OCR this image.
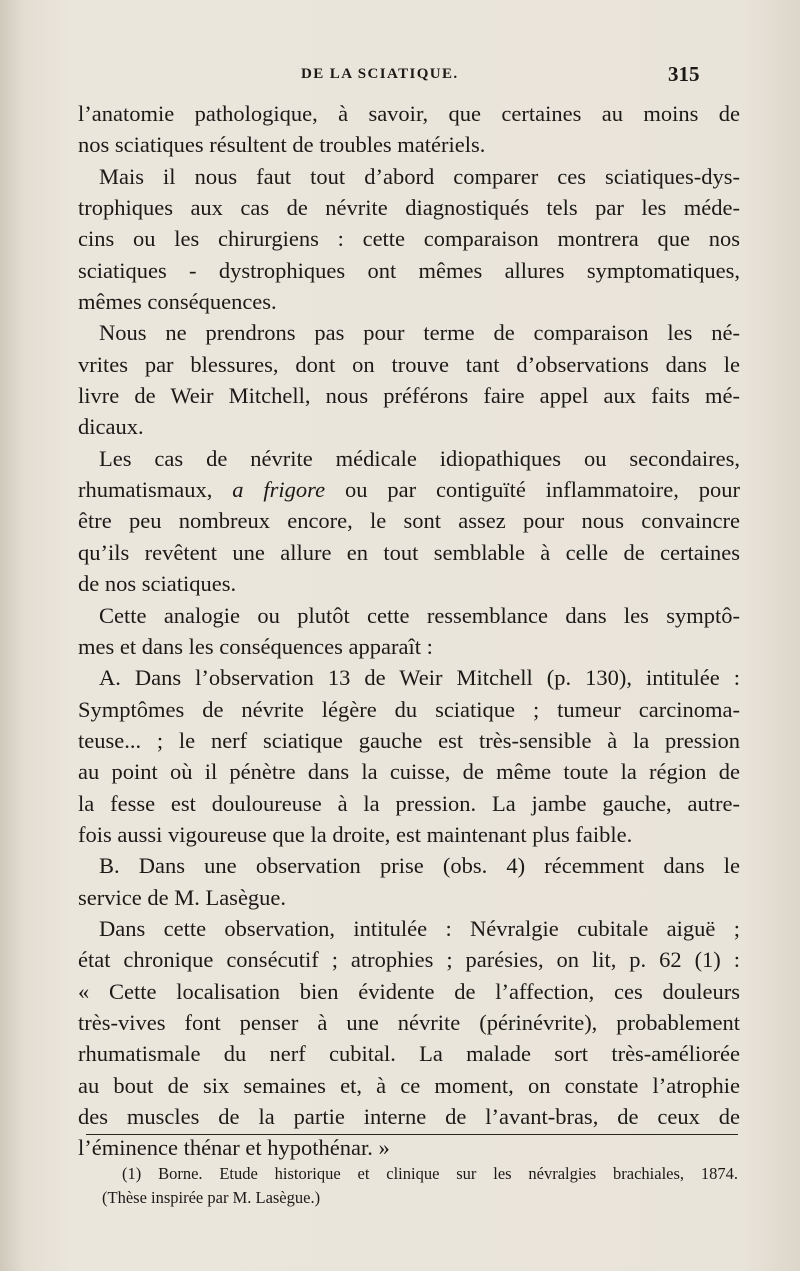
DE LA SCIATIQUE.	315
l’anatomie pathologique, à savoir, que certaines au moins de
nos sciatiques résultent de troubles matériels.
Mais il nous faut tout d’abord comparer ces sciatiques-dys-
trophiques aux cas de névrite diagnostiqués tels par les méde-
cins ou les chirurgiens : cette comparaison montrera que nos
sciatiques - dystrophiques ont mêmes allures symptomatiques,
mêmes conséquences.
Nous ne prendrons pas pour terme de comparaison les né-
vrites par blessures, dont on trouve tant d’observations dans le
livre de Weir Mitchell, nous préférons faire appel aux faits mé-
dicaux.
Les cas de névrite médicale idiopathiques ou secondaires,
rhumatismaux, a frigore ou par contiguïté inflammatoire, pour
être peu nombreux encore, le sont assez pour nous convaincre
qu’ils revêtent une allure en tout semblable à celle de certaines
de nos sciatiques.
Cette analogie ou plutôt cette ressemblance dans les symptô-
mes et dans les conséquences apparaît :
A. Dans l’observation 13 de Weir Mitchell (p. 130), intitulée :
Symptômes de névrite légère du sciatique ; tumeur carcinoma-
teuse... ; le nerf sciatique gauche est très-sensible à la pression
au point où il pénètre dans la cuisse, de même toute la région de
la fesse est douloureuse à la pression. La jambe gauche, autre-
fois aussi vigoureuse que la droite, est maintenant plus faible.
B. Dans une observation prise (obs. 4) récemment dans le
service de M. Lasègue.
Dans cette observation, intitulée : Névralgie cubitale aiguë ;
état chronique consécutif ; atrophies ; parésies, on lit, p. 62 (1) :
« Cette localisation bien évidente de l’affection, ces douleurs
très-vives font penser à une névrite (périnévrite), probablement
rhumatismale du nerf cubital. La malade sort très-améliorée
au bout de six semaines et, à ce moment, on constate l’atrophie
des muscles de la partie interne de l’avant-bras, de ceux de
l’éminence thénar et hypothénar. »
(1) Borne. Etude historique et clinique sur les névralgies brachiales, 1874.
(Thèse inspirée par M. Lasègue.)
